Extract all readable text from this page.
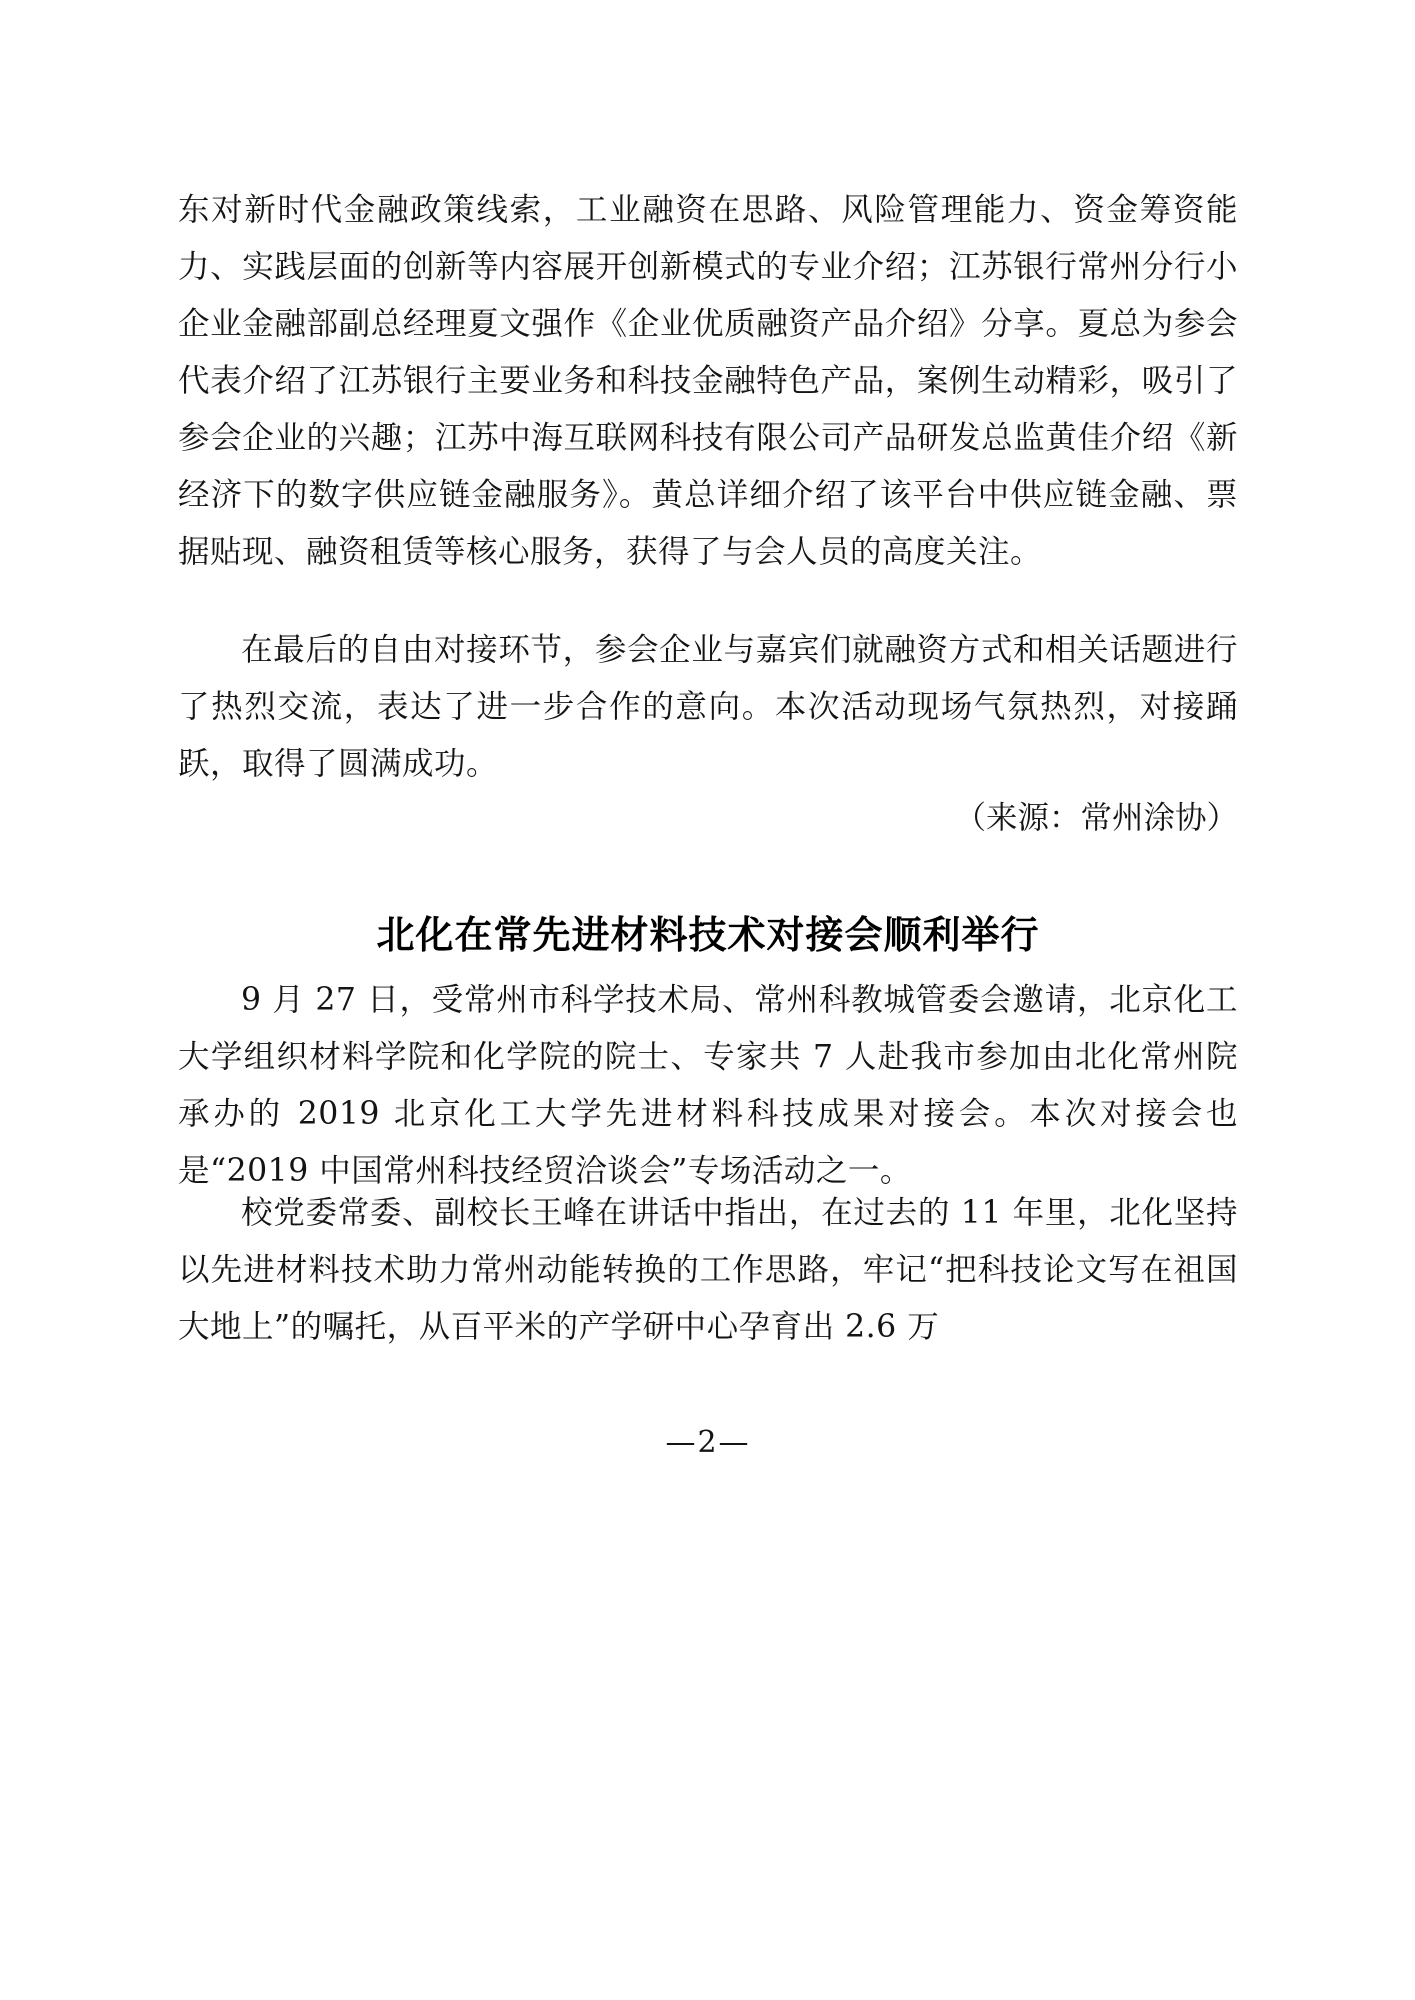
东对新时代金融政策线索，工业融资在思路、风险管理能力、资金筹资能力、实践层面的创新等内容展开创新模式的专业介绍；江苏银行常州分行小企业金融部副总经理夏文强作《企业优质融资产品介绍》分享。夏总为参会代表介绍了江苏银行主要业务和科技金融特色产品，案例生动精彩，吸引了参会企业的兴趣；江苏中海互联网科技有限公司产品研发总监黄佳介绍《新经济下的数字供应链金融服务》。黄总详细介绍了该平台中供应链金融、票据贴现、融资租赁等核心服务，获得了与会人员的高度关注。

在最后的自由对接环节，参会企业与嘉宾们就融资方式和相关话题进行了热烈交流，表达了进一步合作的意向。本次活动现场气氛热烈，对接踊跃，取得了圆满成功。

（来源：常州涂协）
北化在常先进材料技术对接会顺利举行

9 月 27 日，受常州市科学技术局、常州科教城管委会邀请，北京化工大学组织材料学院和化学院的院士、专家共 7 人赴我市参加由北化常州院承办的 2019 北京化工大学先进材料科技成果对接会。本次对接会也是“2019 中国常州科技经贸洽谈会”专场活动之一。

校党委常委、副校长王峰在讲话中指出，在过去的 11 年里，北化坚持以先进材料技术助力常州动能转换的工作思路，牢记“把科技论文写在祖国大地上”的嘱托，从百平米的产学研中心孕育出 2.6 万

—2—
